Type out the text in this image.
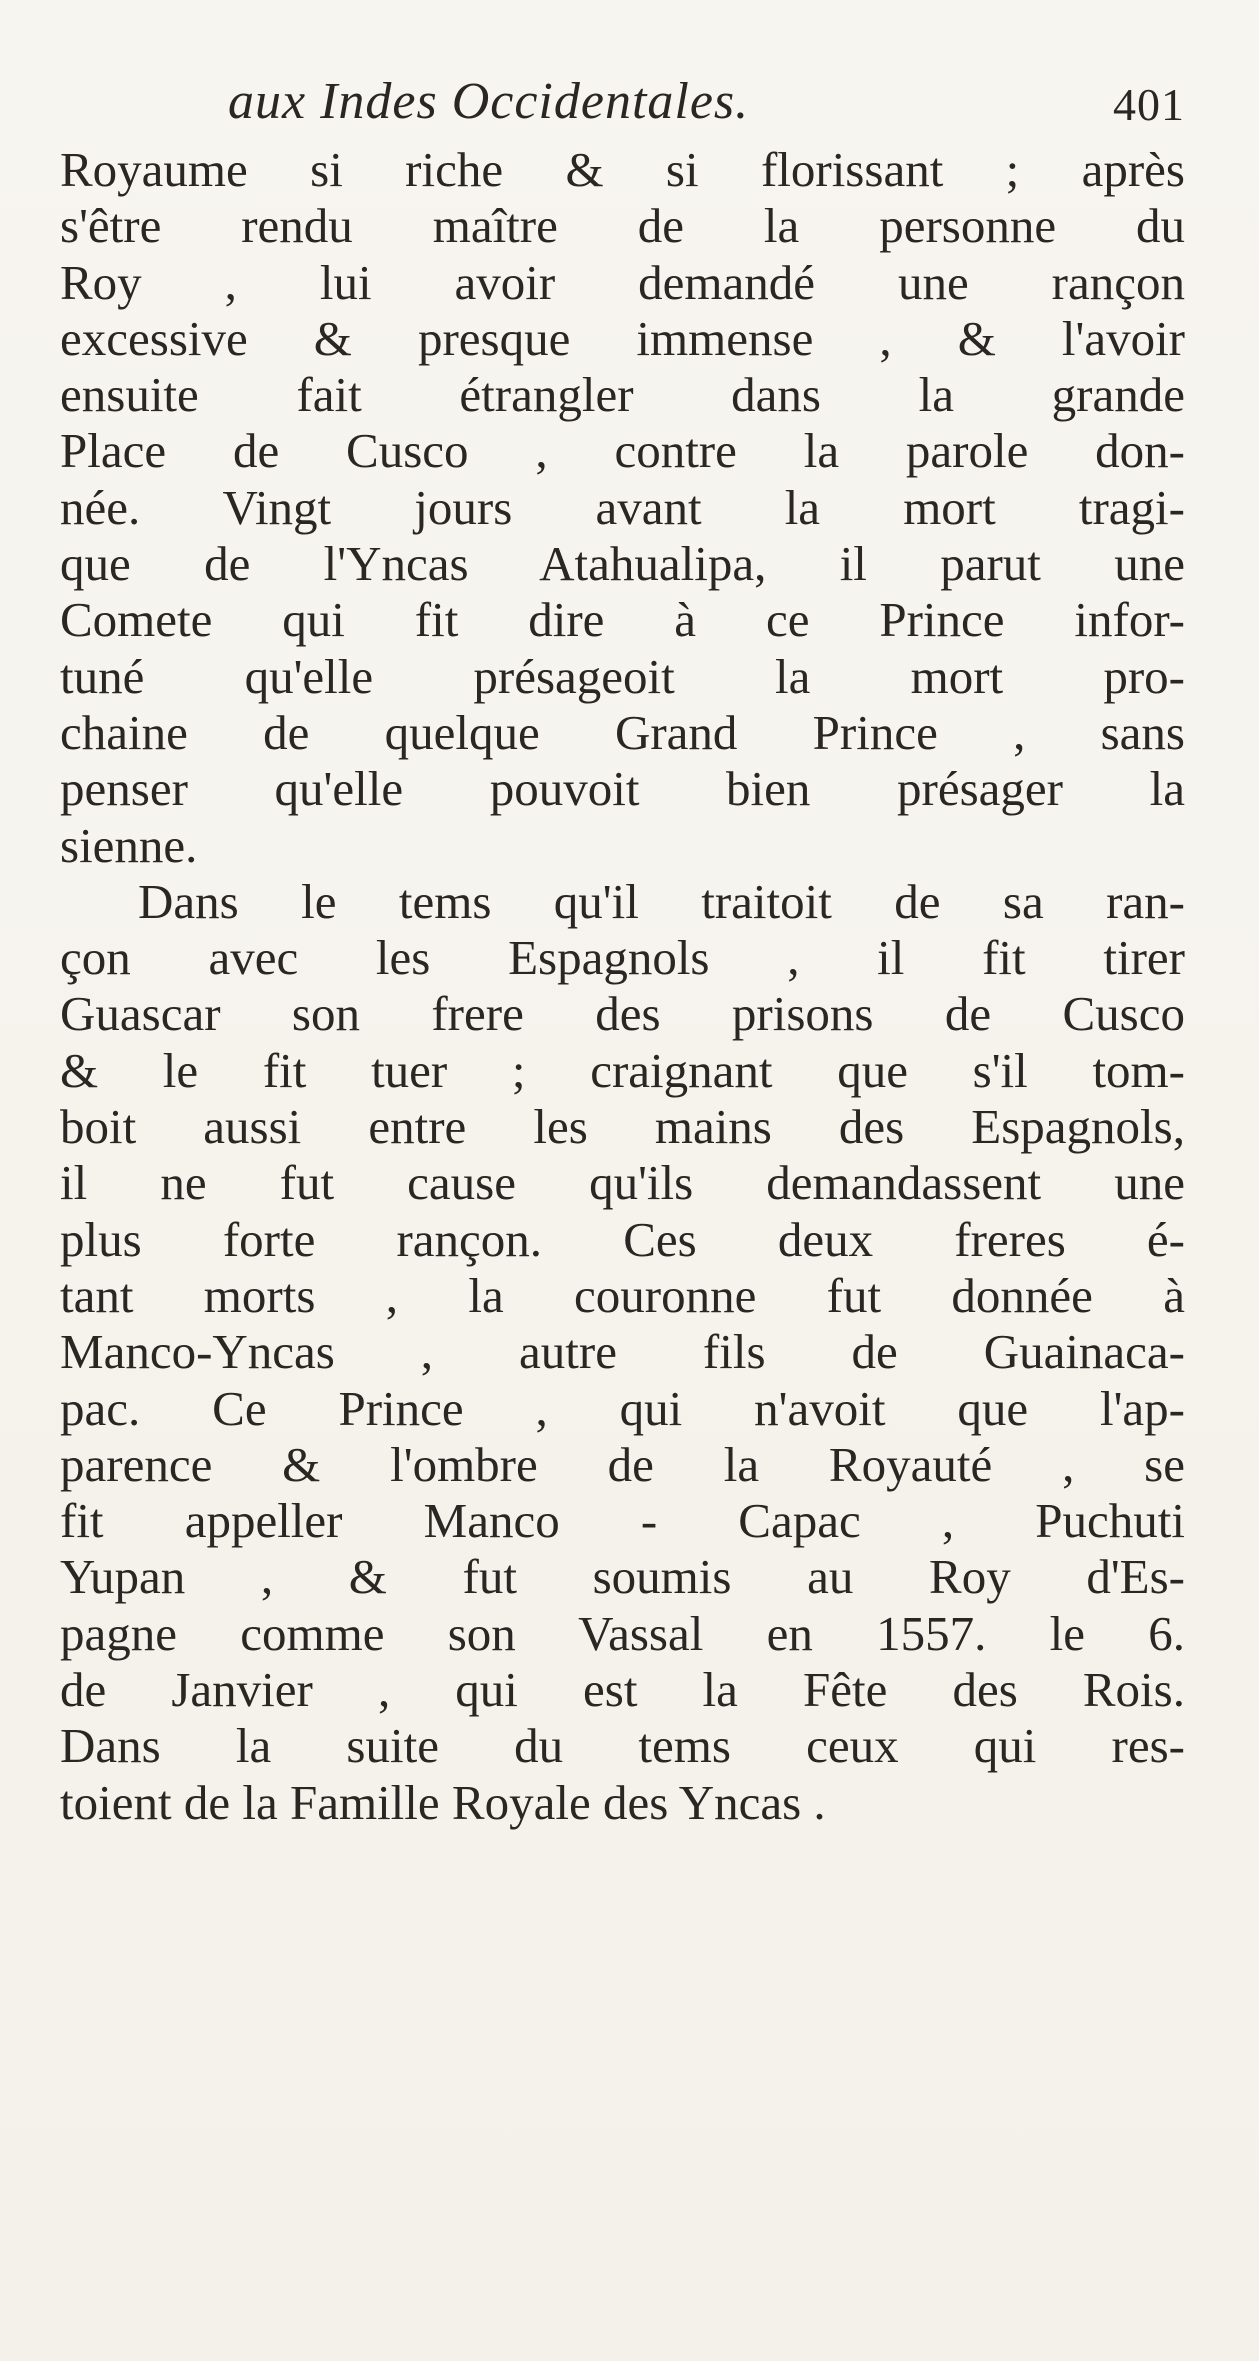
aux Indes Occidentales.	401
Royaume si riche & si florissant ; après
s'être rendu maître de la personne du
Roy , lui avoir demandé une rançon
excessive & presque immense , & l'avoir
ensuite fait étrangler dans la grande
Place de Cusco , contre la parole don-
née. Vingt jours avant la mort tragi-
que de l'Yncas Atahualipa, il parut une
Comete qui fit dire à ce Prince infor-
tuné qu'elle présageoit la mort pro-
chaine de quelque Grand Prince , sans
penser qu'elle pouvoit bien présager la
sienne.
Dans le tems qu'il traitoit de sa ran-
çon avec les Espagnols , il fit tirer
Guascar son frere des prisons de Cusco
& le fit tuer ; craignant que s'il tom-
boit aussi entre les mains des Espagnols,
il ne fut cause qu'ils demandassent une
plus forte rançon. Ces deux freres é-
tant morts , la couronne fut donnée à
Manco-Yncas , autre fils de Guainaca-
pac. Ce Prince , qui n'avoit que l'ap-
parence & l'ombre de la Royauté , se
fit appeller Manco - Capac , Puchuti
Yupan , & fut soumis au Roy d'Es-
pagne comme son Vassal en 1557. le 6.
de Janvier , qui est la Fête des Rois.
Dans la suite du tems ceux qui res-
toient de la Famille Royale des Yncas .
